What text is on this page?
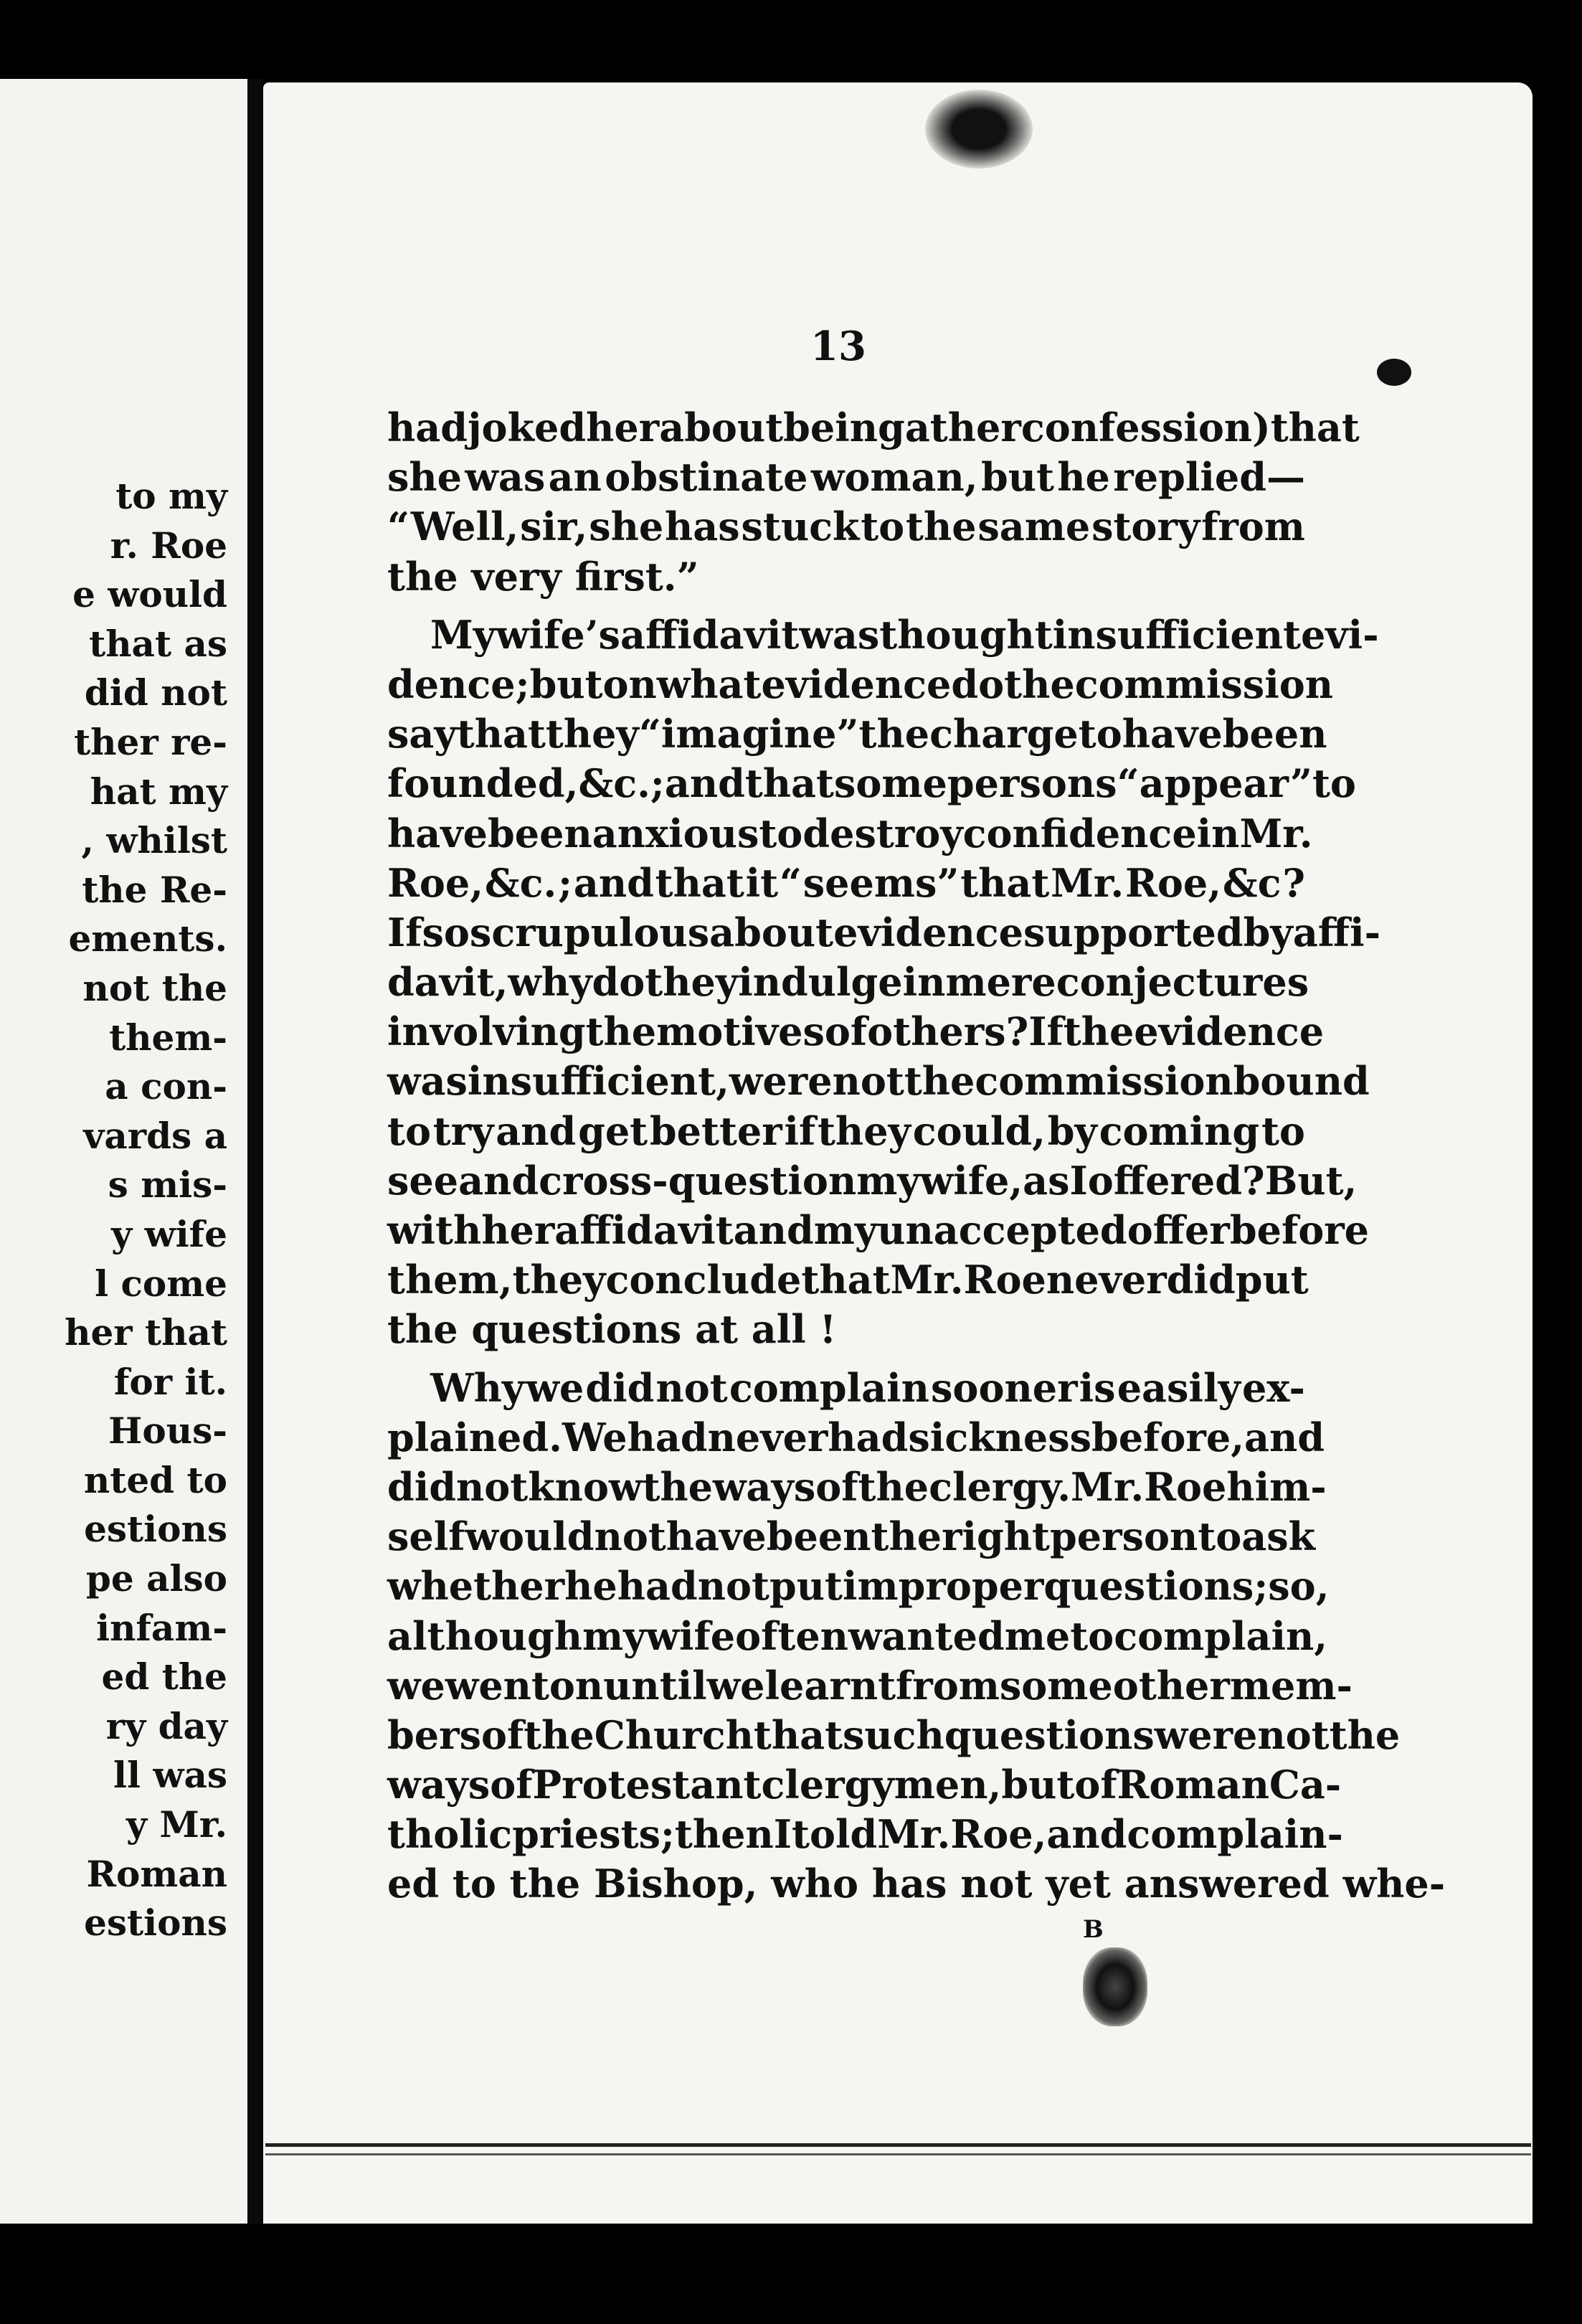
to my
r. Roe
e would
that as
did not
ther re-
hat my
, whilst
the Re-
ements.
not the
them-
a con-
vards a
s mis-
y wife
l come
her that
for it.
Hous-
nted to
estions
pe also
infam-
ed the
ry day
ll was
y Mr.
Roman
estions
13
had joked her about being at her confession) that
she was an obstinate woman, but he replied—
“ Well, sir, she has stuck to the same story from
the very first.”
My wife’s affidavit was thought insufficient evi-
dence ; but on what evidence do the commission
say that they “ imagine” the charge to have been
founded, &c. ; and that some persons “ appear” to
have been anxious to destroy confidence in Mr.
Roe, &c. ; and that it “ seems” that Mr. Roe, &c ?
If so scrupulous about evidence supported by affi-
davit, why do they indulge in mere conjectures
involving the motives of others ? If the evidence
was insufficient, were not the commission bound
to try and get better if they could, by coming to
see and cross-question my wife, as I offered ? But,
with her affidavit and my unaccepted offer before
them, they conclude that Mr. Roe never did put
the questions at all !
Why we did not complain sooner is easily ex-
plained. We had never had sickness before, and
did not know the ways of the clergy. Mr. Roe him-
self would not have been the right person to ask
whether he had not put improper questions ; so,
although my wife often wanted me to complain,
we went on until we learnt from some other mem-
bers of the Church that such questions were not the
ways of Protestant clergymen, but of Roman Ca-
tholic priests ; then I told Mr. Roe, and complain-
ed to the Bishop, who has not yet answered whe-
B
